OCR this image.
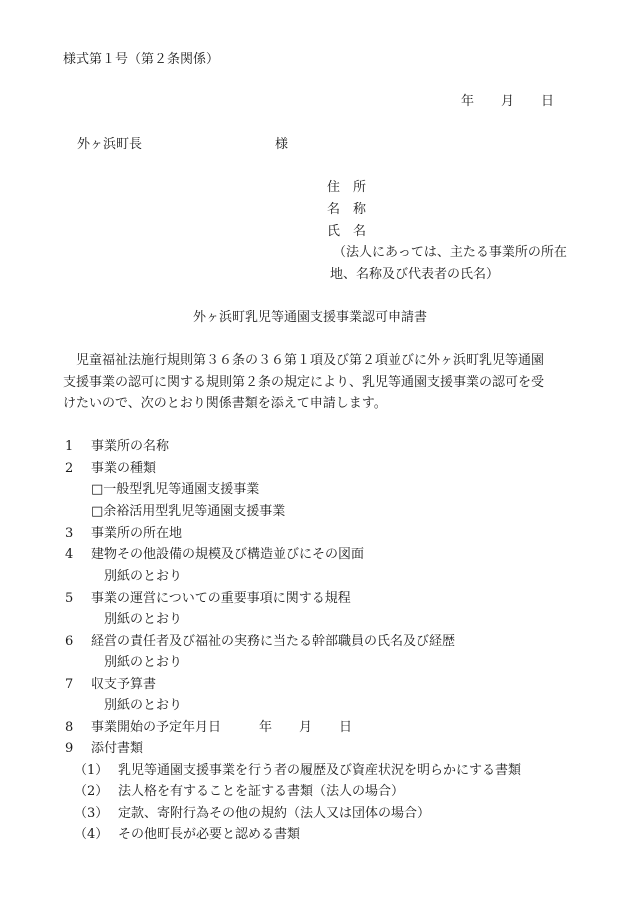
様式第１号（第２条関係）
年 月 日
外ヶ浜町長	様
住　所
名　称
氏　名
（法人にあっては、主たる事業所の所在
地、名称及び代表者の氏名）
外ヶ浜町乳児等通園支援事業認可申請書
　児童福祉法施行規則第３６条の３６第１項及び第２項並びに外ヶ浜町乳児等通園
支援事業の認可に関する規則第２条の規定により、乳児等通園支援事業の認可を受
けたいので、次のとおり関係書類を添えて申請します。
1 事業所の名称
2 事業の種類
□一般型乳児等通園支援事業
□余裕活用型乳児等通園支援事業
3 事業所の所在地
4 建物その他設備の規模及び構造並びにその図面
別紙のとおり
5 事業の運営についての重要事項に関する規程
別紙のとおり
6 経営の責任者及び福祉の実務に当たる幹部職員の氏名及び経歴
別紙のとおり
7 収支予算書
別紙のとおり
8 事業開始の予定年月日	年 月 日
9 添付書類
（1） 乳児等通園支援事業を行う者の履歴及び資産状況を明らかにする書類
（2） 法人格を有することを証する書類（法人の場合）
（3） 定款、寄附行為その他の規約（法人又は団体の場合）
（4） その他町長が必要と認める書類
